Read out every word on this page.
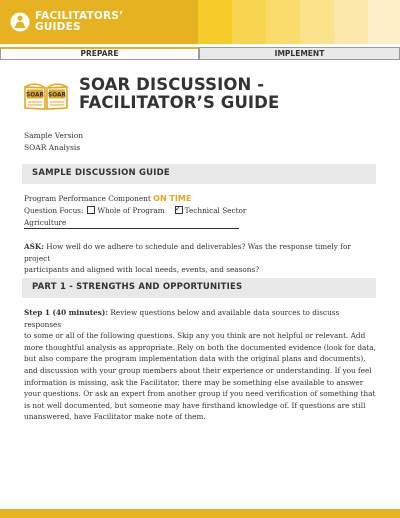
FACILITATORS’
GUIDES
PREPARE	IMPLEMENT
SOAR SOAR
SOAR DISCUSSION -
FACILITATOR’S GUIDE
Sample Version
SOAR Analysis
SAMPLE DISCUSSION GUIDE
Program Performance Component ON TIME
Question Focus: Whole of Program✓	Technical Sector
Agriculture
ASK: How well do we adhere to schedule and deliverables? Was the response timely for project
participants and aligned with local needs, events, and seasons?
PART 1 - STRENGTHS AND OPPORTUNITIES
Step 1 (40 minutes): Review questions below and available data sources to discuss responses
to some or all of the following questions. Skip any you think are not helpful or relevant. Add
more thoughtful analysis as appropriate. Rely on both the documented evidence (look for data,
but also compare the program implementation data with the original plans and documents),
and discussion with your group members about their experience or understanding. If you feel
information is missing, ask the Facilitator, there may be something else available to answer
your questions. Or ask an expert from another group if you need verification of something that
is not well documented, but someone may have firsthand knowledge of. If questions are still
unanswered, have Facilitator make note of them.
